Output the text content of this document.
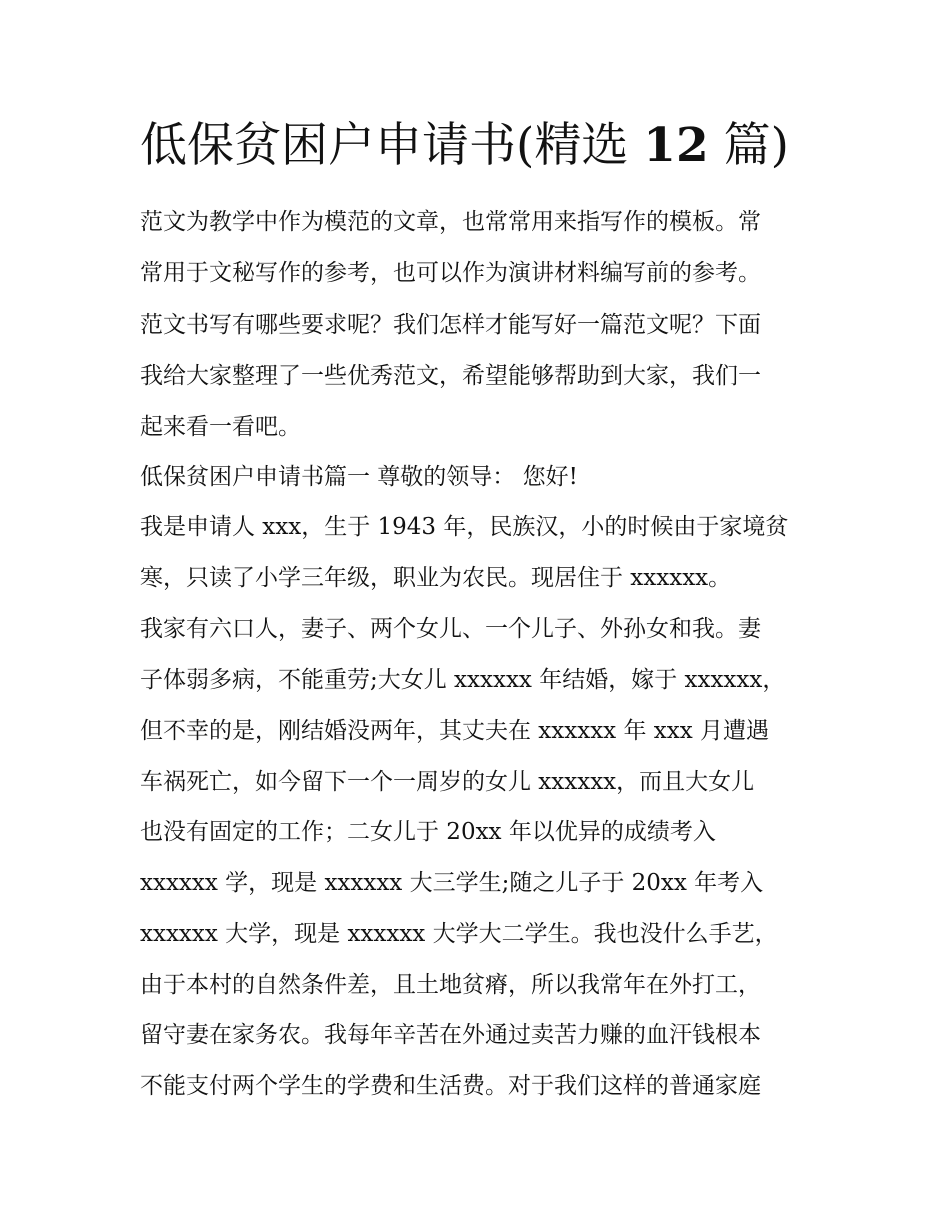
低保贫困户申请书(精选 12 篇)

范文为教学中作为模范的文章，也常常用来指写作的模板。常

常用于文秘写作的参考，也可以作为演讲材料编写前的参考。

范文书写有哪些要求呢？我们怎样才能写好一篇范文呢？下面

我给大家整理了一些优秀范文，希望能够帮助到大家，我们一

起来看一看吧。

低保贫困户申请书篇一 尊敬的领导： 您好!

我是申请人 xxx，生于 1943 年，民族汉，小的时候由于家境贫

寒，只读了小学三年级，职业为农民。现居住于 xxxxxx。

我家有六口人，妻子、两个女儿、一个儿子、外孙女和我。妻

子体弱多病，不能重劳;大女儿 xxxxxx 年结婚，嫁于 xxxxxx，

但不幸的是，刚结婚没两年，其丈夫在 xxxxxx 年 xxx 月遭遇

车祸死亡，如今留下一个一周岁的女儿 xxxxxx，而且大女儿

也没有固定的工作；二女儿于 20xx 年以优异的成绩考入

xxxxxx 学，现是 xxxxxx 大三学生;随之儿子于 20xx 年考入

xxxxxx 大学，现是 xxxxxx 大学大二学生。我也没什么手艺，

由于本村的自然条件差，且土地贫瘠，所以我常年在外打工，

留守妻在家务农。我每年辛苦在外通过卖苦力赚的血汗钱根本

不能支付两个学生的学费和生活费。对于我们这样的普通家庭
